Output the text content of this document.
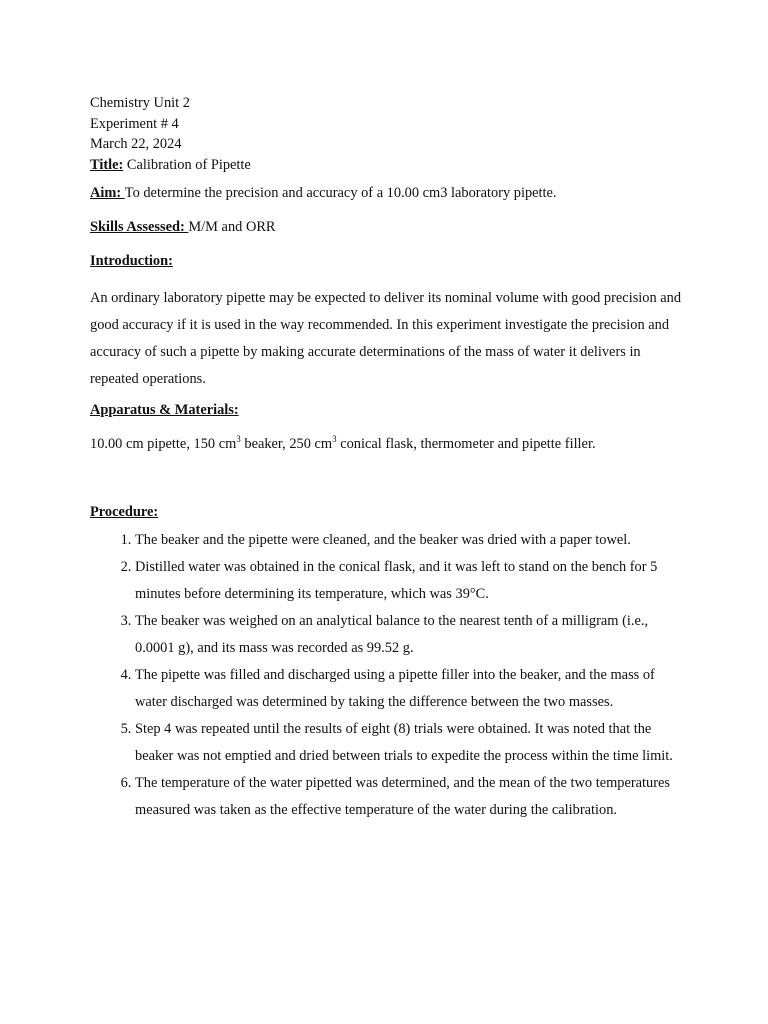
Chemistry Unit 2

Experiment # 4

March 22, 2024

Title: Calibration of Pipette

Aim: To determine the precision and accuracy of a 10.00 cm3 laboratory pipette.

Skills Assessed: M/M and ORR

Introduction:

An ordinary laboratory pipette may be expected to deliver its nominal volume with good precision and good accuracy if it is used in the way recommended. In this experiment investigate the precision and accuracy of such a pipette by making accurate determinations of the mass of water it delivers in repeated operations.

Apparatus & Materials:

10.00 cm pipette, 150 $cm^3$ beaker, 250 $cm^3$ conical flask, thermometer and pipette filler.

Procedure:

1. The beaker and the pipette were cleaned, and the beaker was dried with a paper towel.
2. Distilled water was obtained in the conical flask, and it was left to stand on the bench for 5 minutes before determining its temperature, which was 39°C.
3. The beaker was weighed on an analytical balance to the nearest tenth of a milligram (i.e., 0.0001 g), and its mass was recorded as 99.52 g.
4. The pipette was filled and discharged using a pipette filler into the beaker, and the mass of water discharged was determined by taking the difference between the two masses.
5. Step 4 was repeated until the results of eight (8) trials were obtained. It was noted that the beaker was not emptied and dried between trials to expedite the process within the time limit.
6. The temperature of the water pipetted was determined, and the mean of the two temperatures measured was taken as the effective temperature of the water during the calibration.
